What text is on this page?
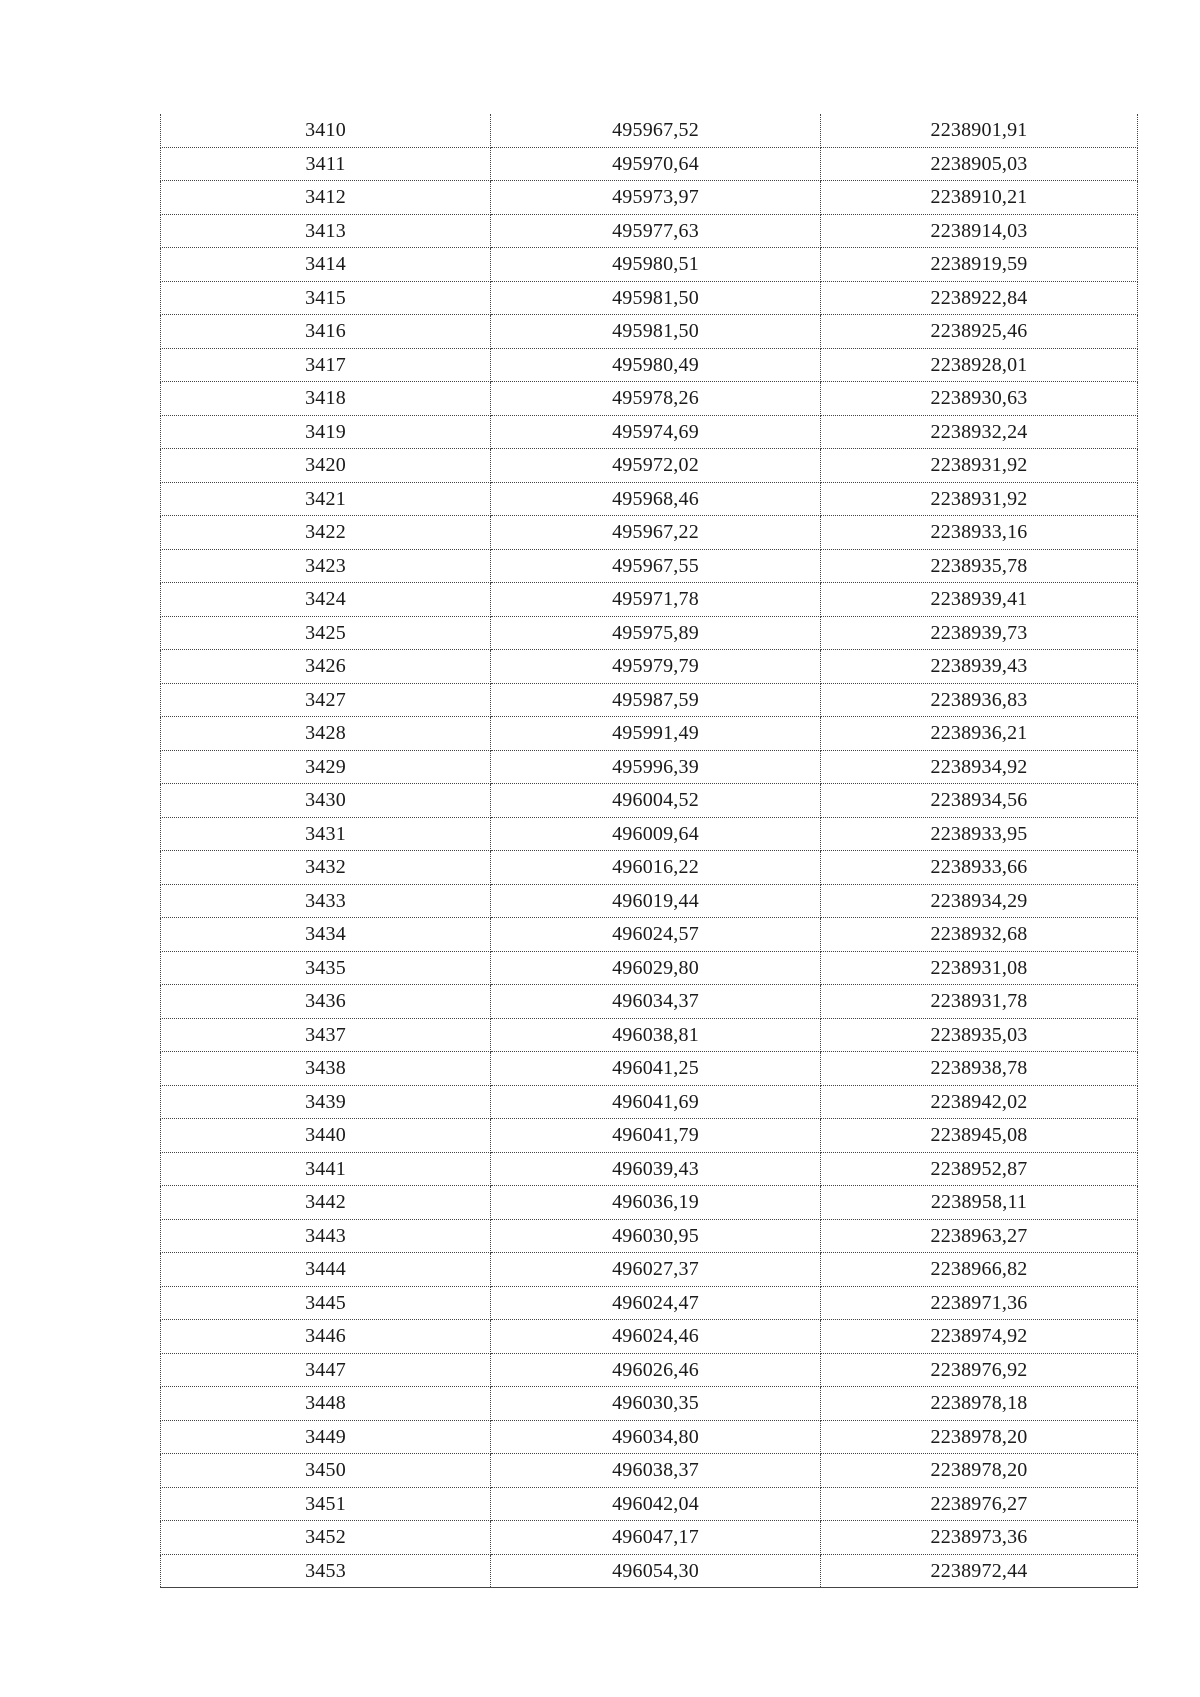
3410	495967,52	2238901,91
3411	495970,64	2238905,03
3412	495973,97	2238910,21
3413	495977,63	2238914,03
3414	495980,51	2238919,59
3415	495981,50	2238922,84
3416	495981,50	2238925,46
3417	495980,49	2238928,01
3418	495978,26	2238930,63
3419	495974,69	2238932,24
3420	495972,02	2238931,92
3421	495968,46	2238931,92
3422	495967,22	2238933,16
3423	495967,55	2238935,78
3424	495971,78	2238939,41
3425	495975,89	2238939,73
3426	495979,79	2238939,43
3427	495987,59	2238936,83
3428	495991,49	2238936,21
3429	495996,39	2238934,92
3430	496004,52	2238934,56
3431	496009,64	2238933,95
3432	496016,22	2238933,66
3433	496019,44	2238934,29
3434	496024,57	2238932,68
3435	496029,80	2238931,08
3436	496034,37	2238931,78
3437	496038,81	2238935,03
3438	496041,25	2238938,78
3439	496041,69	2238942,02
3440	496041,79	2238945,08
3441	496039,43	2238952,87
3442	496036,19	2238958,11
3443	496030,95	2238963,27
3444	496027,37	2238966,82
3445	496024,47	2238971,36
3446	496024,46	2238974,92
3447	496026,46	2238976,92
3448	496030,35	2238978,18
3449	496034,80	2238978,20
3450	496038,37	2238978,20
3451	496042,04	2238976,27
3452	496047,17	2238973,36
3453	496054,30	2238972,44
